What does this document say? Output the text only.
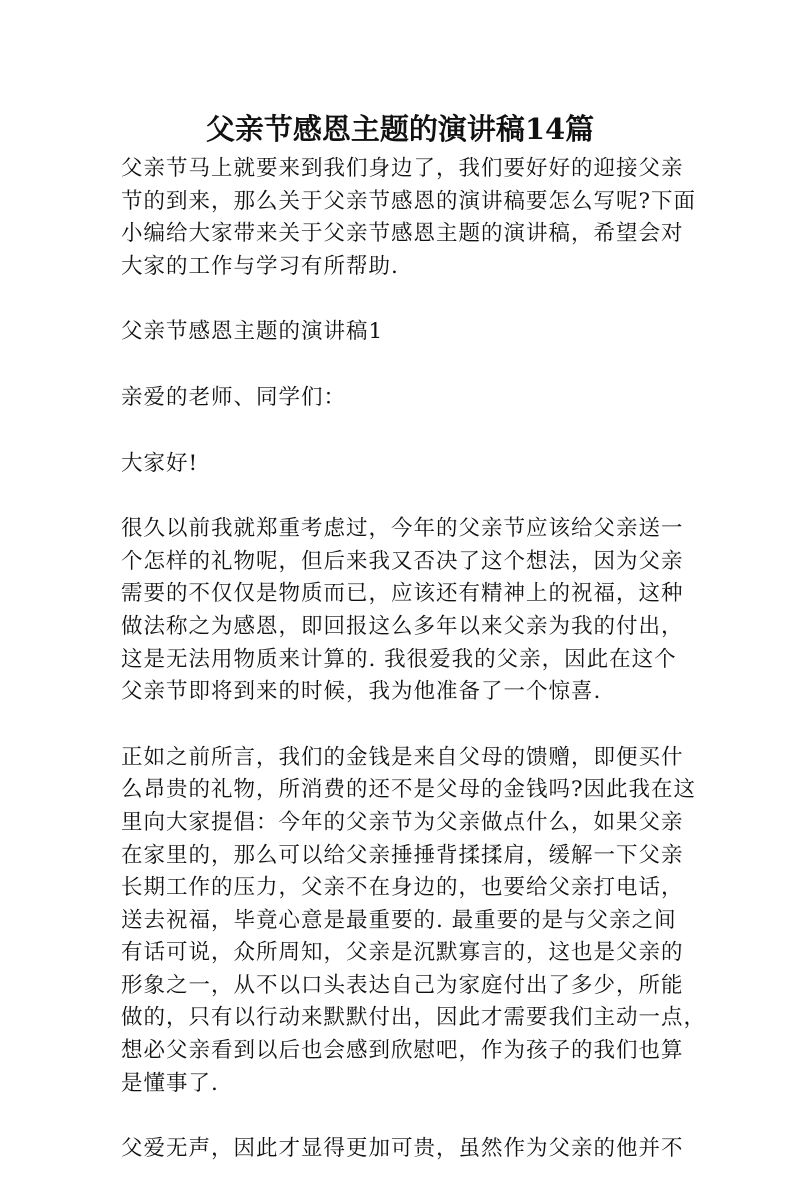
父亲节感恩主题的演讲稿14篇

父亲节马上就要来到我们身边了，我们要好好的迎接父亲
节的到来，那么关于父亲节感恩的演讲稿要怎么写呢?下面
小编给大家带来关于父亲节感恩主题的演讲稿，希望会对
大家的工作与学习有所帮助.

父亲节感恩主题的演讲稿1

亲爱的老师、同学们：

大家好!

很久以前我就郑重考虑过，今年的父亲节应该给父亲送一
个怎样的礼物呢，但后来我又否决了这个想法，因为父亲
需要的不仅仅是物质而已，应该还有精神上的祝福，这种
做法称之为感恩，即回报这么多年以来父亲为我的付出，
这是无法用物质来计算的. 我很爱我的父亲，因此在这个
父亲节即将到来的时候，我为他准备了一个惊喜.

正如之前所言，我们的金钱是来自父母的馈赠，即便买什
么昂贵的礼物，所消费的还不是父母的金钱吗?因此我在这
里向大家提倡：今年的父亲节为父亲做点什么，如果父亲
在家里的，那么可以给父亲捶捶背揉揉肩，缓解一下父亲
长期工作的压力，父亲不在身边的，也要给父亲打电话，
送去祝福，毕竟心意是最重要的. 最重要的是与父亲之间
有话可说，众所周知，父亲是沉默寡言的，这也是父亲的
形象之一，从不以口头表达自己为家庭付出了多少，所能
做的，只有以行动来默默付出，因此才需要我们主动一点，
想必父亲看到以后也会感到欣慰吧，作为孩子的我们也算
是懂事了.

父爱无声，因此才显得更加可贵，虽然作为父亲的他并不
